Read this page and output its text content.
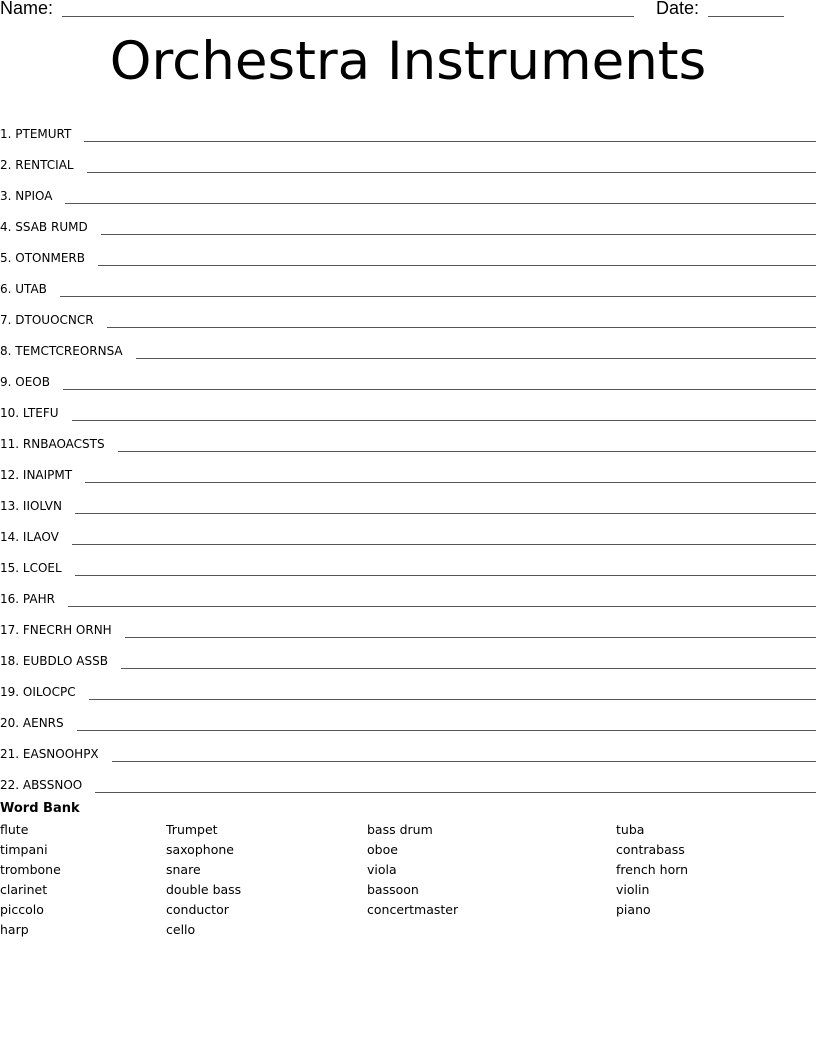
Name:	Date:
Orchestra Instruments
1. PTEMURT
2. RENTCIAL
3. NPIOA
4. SSAB RUMD
5. OTONMERB
6. UTAB
7. DTOUOCNCR
8. TEMCTCREORNSA
9. OEOB
10. LTEFU
11. RNBAOACSTS
12. INAIPMT
13. IIOLVN
14. ILAOV
15. LCOEL
16. PAHR
17. FNECRH ORNH
18. EUBDLO ASSB
19. OILOCPC
20. AENRS
21. EASNOOHPX
22. ABSSNOO
Word Bank
flute
timpani
trombone
clarinet
piccolo
harp
Trumpet
saxophone
snare
double bass
conductor
cello
bass drum
oboe
viola
bassoon
concertmaster
tuba
contrabass
french horn
violin
piano
